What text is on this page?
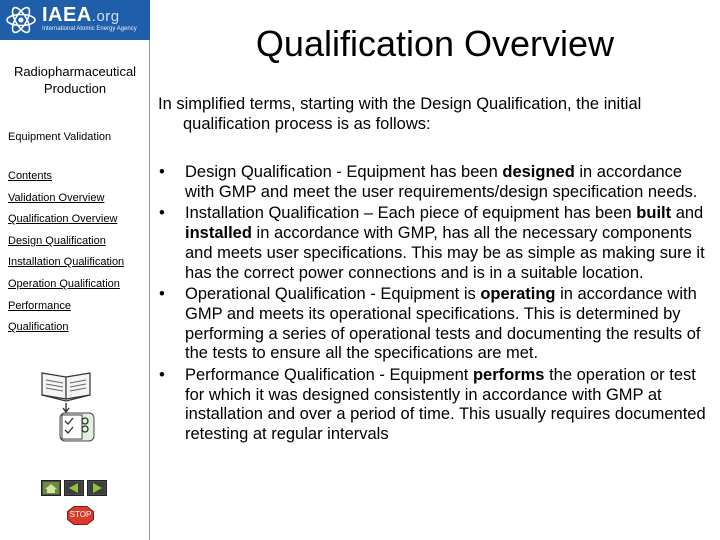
IAEA.org
International Atomic Energy Agency
Radiopharmaceutical
Production
Equipment Validation
Contents
Validation Overview
Qualification Overview
Design Qualification
Installation Qualification
Operation Qualification
Performance
Qualification
STOP
Qualification Overview
In simplified terms, starting with the Design Qualification, the initial
qualification process is as follows:
• Design Qualification - Equipment has been designed in accordance with GMP and meet the user requirements/design specification needs.
• Installation Qualification – Each piece of equipment has been built and installed in accordance with GMP, has all the necessary components and meets user specifications. This may be as simple as making sure it has the correct power connections and is in a suitable location.
• Operational Qualification - Equipment is operating in accordance with GMP and meets its operational specifications. This is determined by performing a series of operational tests and documenting the results of the tests to ensure all the specifications are met.
• Performance Qualification - Equipment performs the operation or test for which it was designed consistently in accordance with GMP at installation and over a period of time. This usually requires documented retesting at regular intervals
